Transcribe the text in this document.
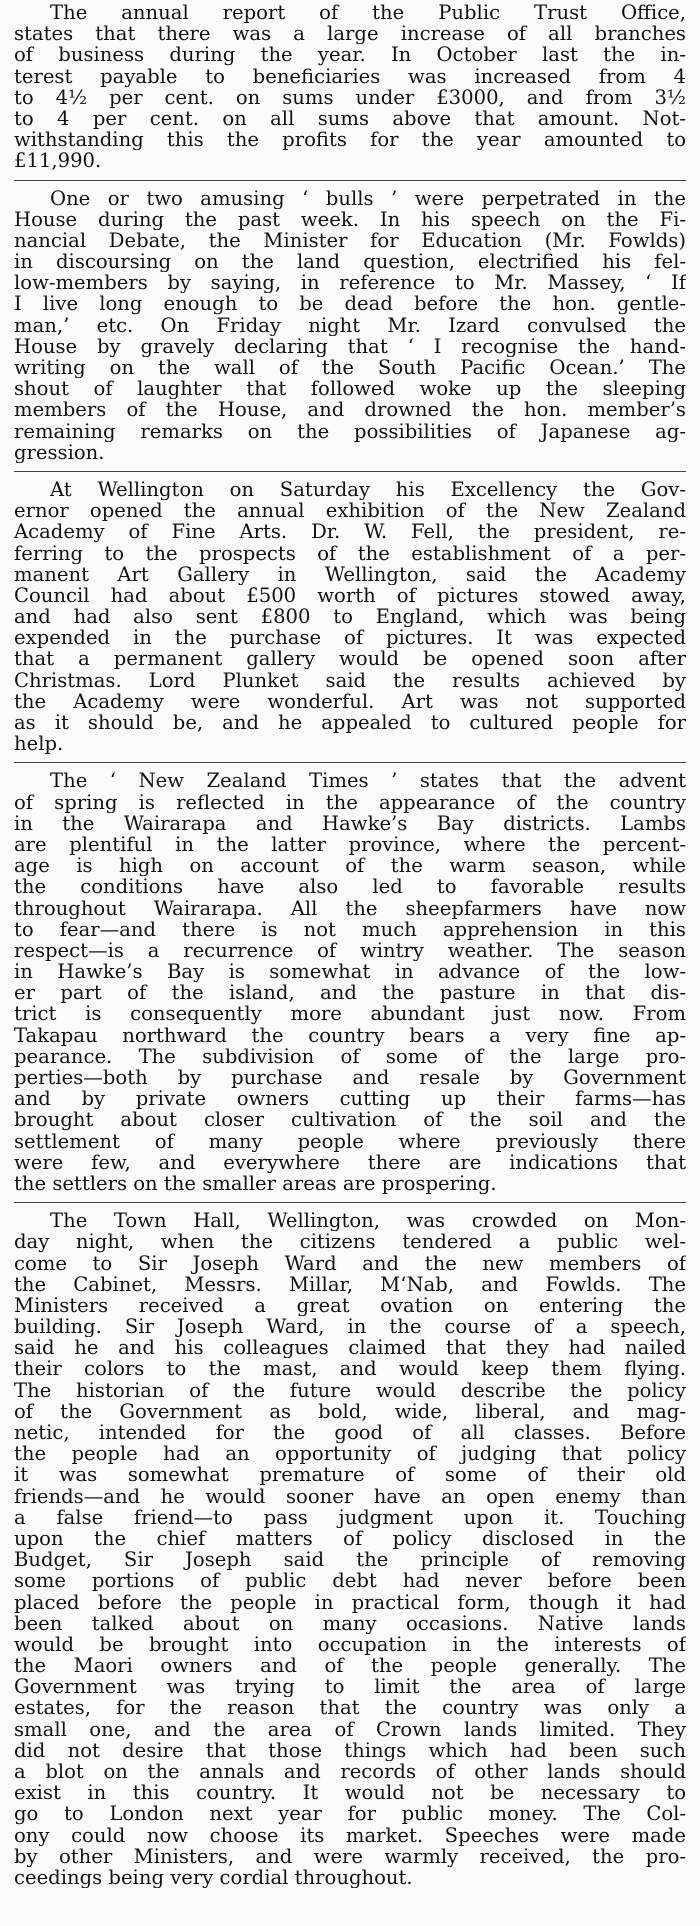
The annual report of the Public Trust Office,
states that there was a large increase of all branches
of business during the year. In October last the in-
terest payable to beneficiaries was increased from 4
to 4½ per cent. on sums under £3000, and from 3½
to 4 per cent. on all sums above that amount. Not-
withstanding this the profits for the year amounted to
£11,990.
One or two amusing ‘ bulls ’ were perpetrated in the
House during the past week. In his speech on the Fi-
nancial Debate, the Minister for Education (Mr. Fowlds)
in discoursing on the land question, electrified his fel-
low-members by saying, in reference to Mr. Massey, ‘ If
I live long enough to be dead before the hon. gentle-
man,’ etc. On Friday night Mr. Izard convulsed the
House by gravely declaring that ‘ I recognise the hand-
writing on the wall of the South Pacific Ocean.’ The
shout of laughter that followed woke up the sleeping
members of the House, and drowned the hon. member’s
remaining remarks on the possibilities of Japanese ag-
gression.
At Wellington on Saturday his Excellency the Gov-
ernor opened the annual exhibition of the New Zealand
Academy of Fine Arts. Dr. W. Fell, the president, re-
ferring to the prospects of the establishment of a per-
manent Art Gallery in Wellington, said the Academy
Council had about £500 worth of pictures stowed away,
and had also sent £800 to England, which was being
expended in the purchase of pictures. It was expected
that a permanent gallery would be opened soon after
Christmas. Lord Plunket said the results achieved by
the Academy were wonderful. Art was not supported
as it should be, and he appealed to cultured people for
help.
The ‘ New Zealand Times ’ states that the advent
of spring is reflected in the appearance of the country
in the Wairarapa and Hawke’s Bay districts. Lambs
are plentiful in the latter province, where the percent-
age is high on account of the warm season, while
the conditions have also led to favorable results
throughout Wairarapa. All the sheepfarmers have now
to fear—and there is not much apprehension in this
respect—is a recurrence of wintry weather. The season
in Hawke’s Bay is somewhat in advance of the low-
er part of the island, and the pasture in that dis-
trict is consequently more abundant just now. From
Takapau northward the country bears a very fine ap-
pearance. The subdivision of some of the large pro-
perties—both by purchase and resale by Government
and by private owners cutting up their farms—has
brought about closer cultivation of the soil and the
settlement of many people where previously there
were few, and everywhere there are indications that
the settlers on the smaller areas are prospering.
The Town Hall, Wellington, was crowded on Mon-
day night, when the citizens tendered a public wel-
come to Sir Joseph Ward and the new members of
the Cabinet, Messrs. Millar, M‘Nab, and Fowlds. The
Ministers received a great ovation on entering the
building. Sir Joseph Ward, in the course of a speech,
said he and his colleagues claimed that they had nailed
their colors to the mast, and would keep them flying.
The historian of the future would describe the policy
of the Government as bold, wide, liberal, and mag-
netic, intended for the good of all classes. Before
the people had an opportunity of judging that policy
it was somewhat premature of some of their old
friends—and he would sooner have an open enemy than
a false friend—to pass judgment upon it. Touching
upon the chief matters of policy disclosed in the
Budget, Sir Joseph said the principle of removing
some portions of public debt had never before been
placed before the people in practical form, though it had
been talked about on many occasions. Native lands
would be brought into occupation in the interests of
the Maori owners and of the people generally. The
Government was trying to limit the area of large
estates, for the reason that the country was only a
small one, and the area of Crown lands limited. They
did not desire that those things which had been such
a blot on the annals and records of other lands should
exist in this country. It would not be necessary to
go to London next year for public money. The Col-
ony could now choose its market. Speeches were made
by other Ministers, and were warmly received, the pro-
ceedings being very cordial throughout.
